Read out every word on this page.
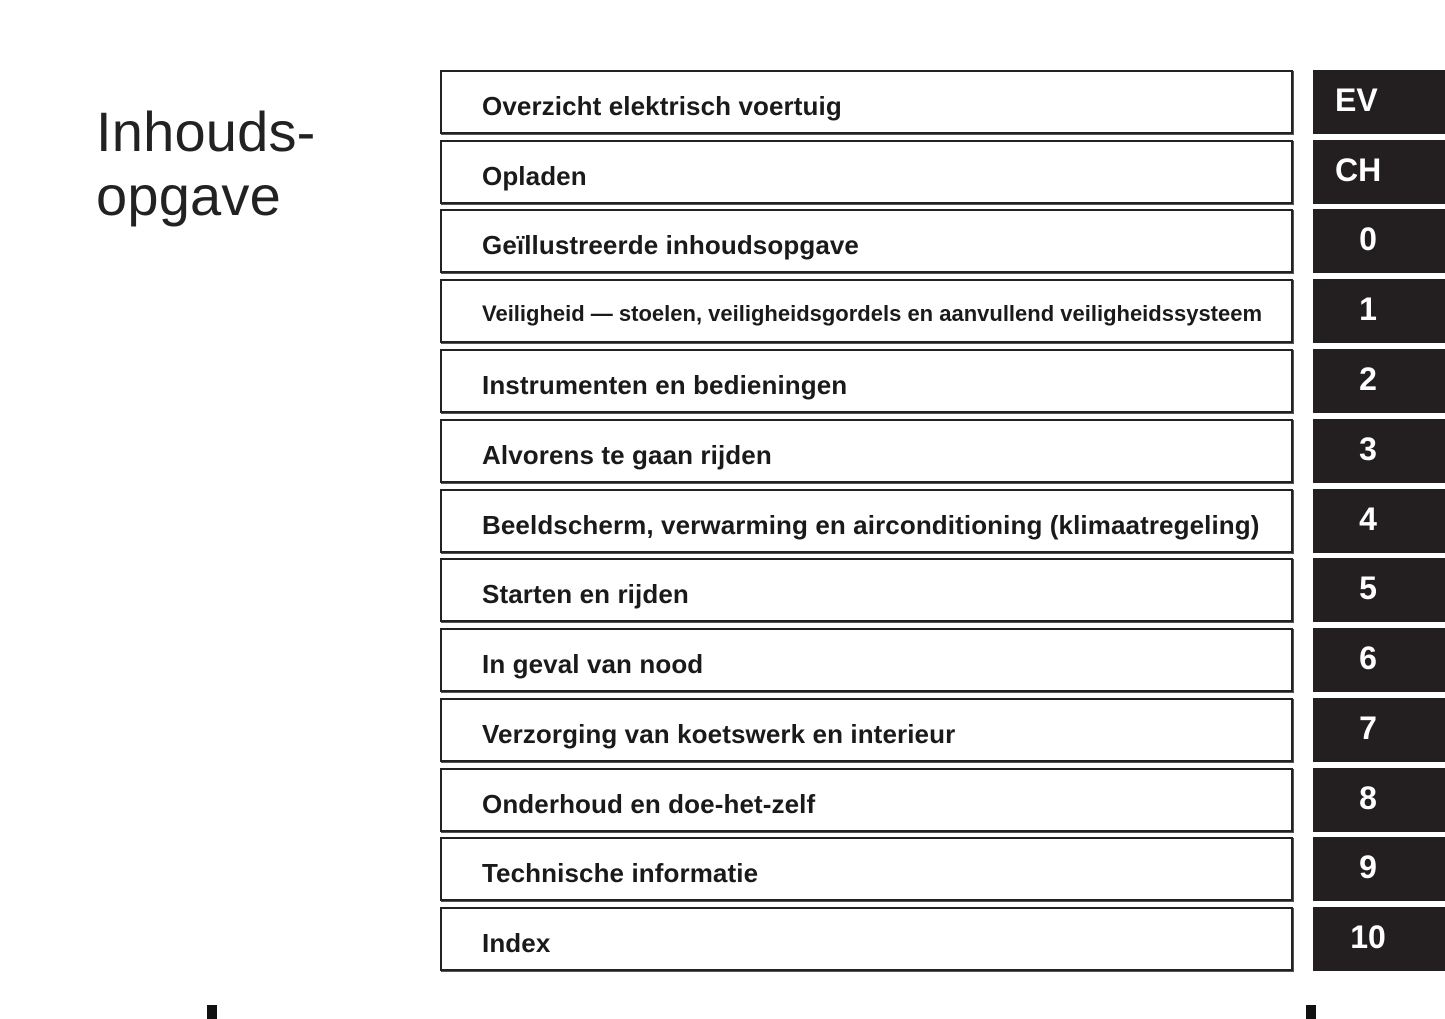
Inhouds-
opgave
Overzicht elektrisch voertuig	EV
Opladen	CH
Geïllustreerde inhoudsopgave	0
Veiligheid — stoelen, veiligheidsgordels en aanvullend veiligheidssysteem	1
Instrumenten en bedieningen	2
Alvorens te gaan rijden	3
Beeldscherm, verwarming en airconditioning (klimaatregeling)	4
Starten en rijden	5
In geval van nood	6
Verzorging van koetswerk en interieur	7
Onderhoud en doe-het-zelf	8
Technische informatie	9
Index	10
